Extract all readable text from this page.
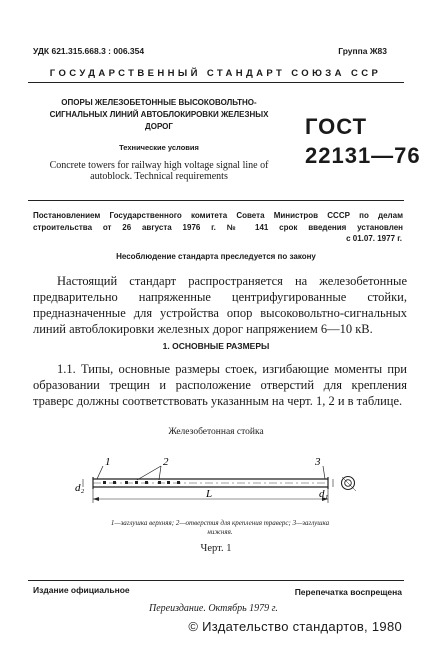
УДК 621.315.668.3 : 006.354	Группа Ж83
ГОСУДАРСТВЕННЫЙ СТАНДАРТ СОЮЗА ССР
ОПОРЫ ЖЕЛЕЗОБЕТОННЫЕ ВЫСОКОВОЛЬТНО-СИГНАЛЬНЫХ ЛИНИЙ АВТОБЛОКИРОВКИ ЖЕЛЕЗНЫХ ДОРОГ
Технические условия
Concrete towers for railway high voltage signal line of autoblock. Technical requirements
ГОСТ
22131—76
Постановлением Государственного комитета Совета Министров СССР по делам строительства от 26 августа 1976 г. № 141 срок введения установлен
с 01.07. 1977 г.
Несоблюдение стандарта преследуется по закону
Настоящий стандарт распространяется на железобетонные предварительно напряженные центрифугированные стойки, предназначенные для устройства опор высоковольтно-сигнальных линий автоблокировки железных дорог напряжением 6—10 кВ.
1. ОСНОВНЫЕ РАЗМЕРЫ
1.1. Типы, основные размеры стоек, изгибающие моменты при образовании трещин и расположение отверстий для крепления траверс должны соответствовать указанным на черт. 1, 2 и в таблице.
Железобетонная стойка
1	2	3
L
d₂	d₁
1—заглушка верхняя; 2—отверстия для крепления траверс; 3—заглушка нижняя.
Черт. 1
Издание официальное	Перепечатка воспрещена
Переиздание. Октябрь 1979 г.
© Издательство стандартов, 1980
